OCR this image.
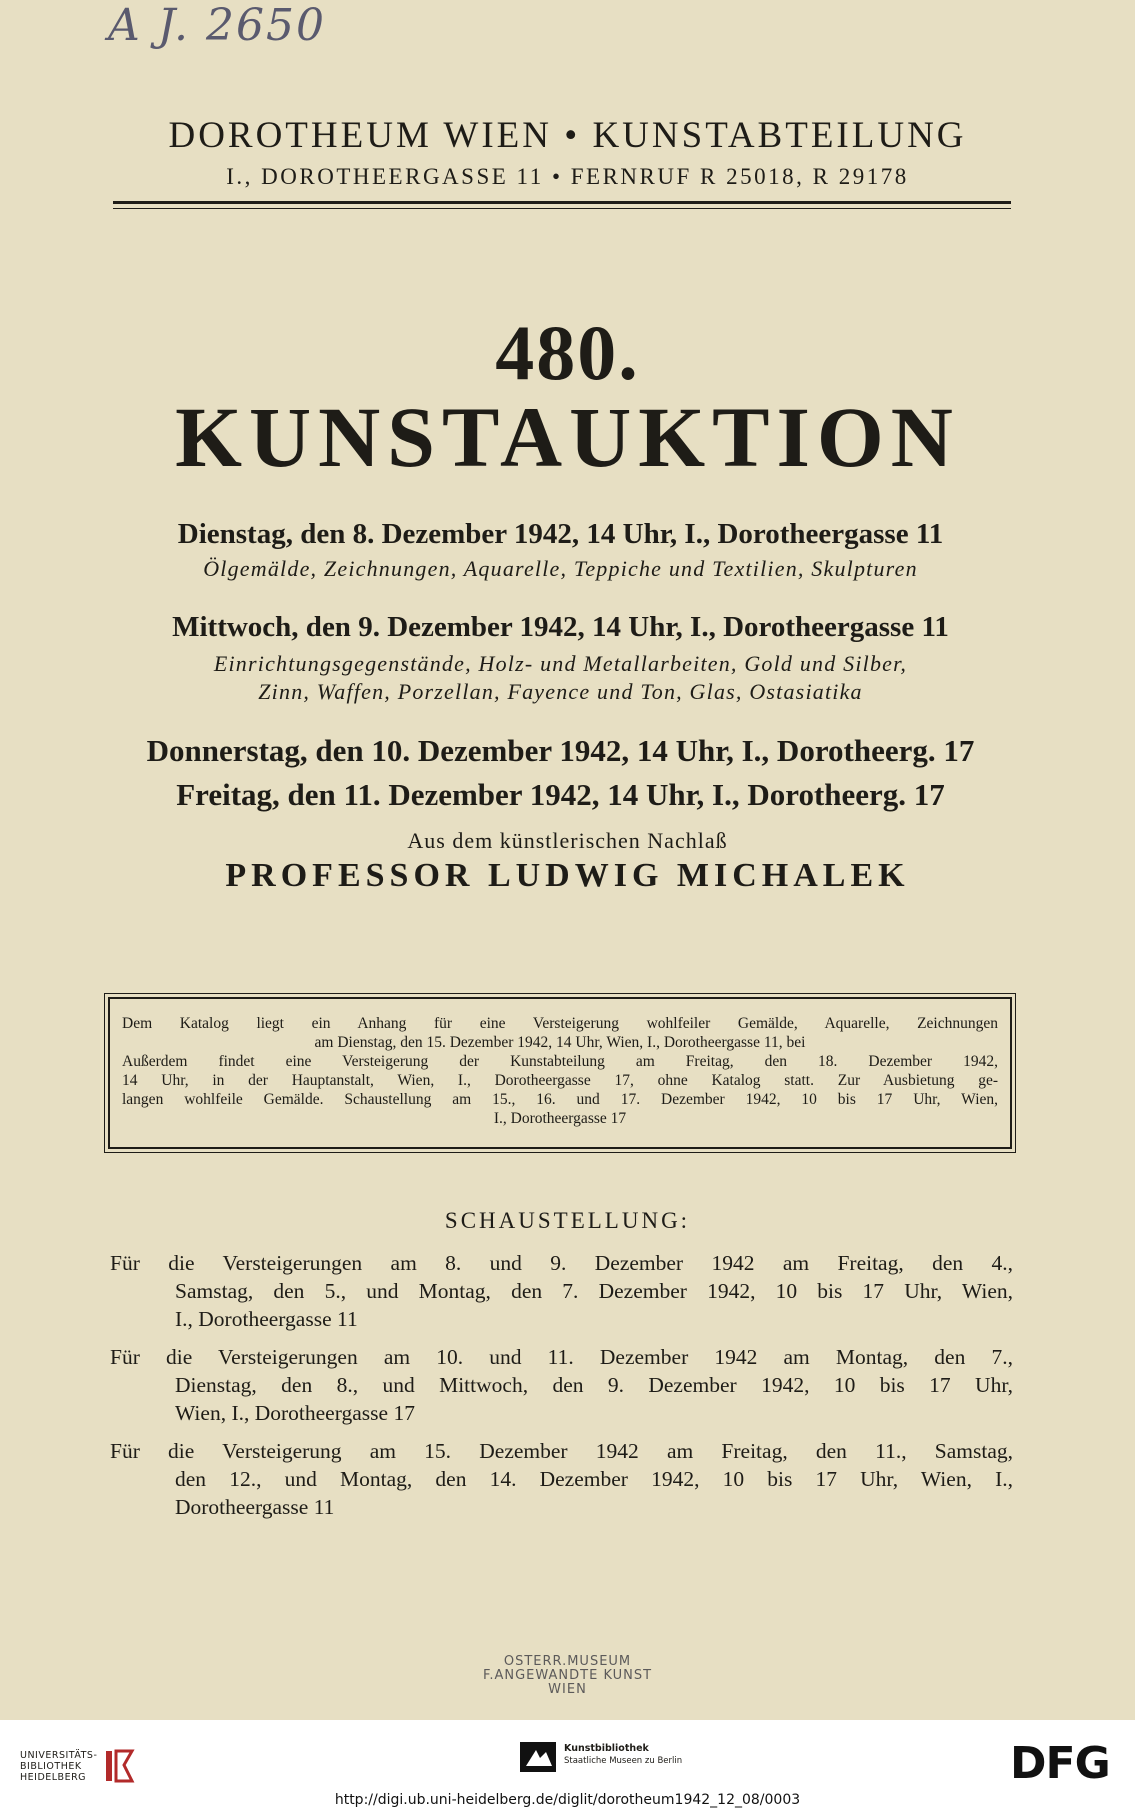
A J. 2650
DOROTHEUM WIEN • KUNSTABTEILUNG
I., DOROTHEERGASSE 11 • FERNRUF R 25018, R 29178
480.
KUNSTAUKTION
Dienstag, den 8. Dezember 1942, 14 Uhr, I., Dorotheergasse 11
Ölgemälde, Zeichnungen, Aquarelle, Teppiche und Textilien, Skulpturen
Mittwoch, den 9. Dezember 1942, 14 Uhr, I., Dorotheergasse 11
Einrichtungsgegenstände, Holz- und Metallarbeiten, Gold und Silber,
Zinn, Waffen, Porzellan, Fayence und Ton, Glas, Ostasiatika
Donnerstag, den 10. Dezember 1942, 14 Uhr, I., Dorotheerg. 17
Freitag, den 11. Dezember 1942, 14 Uhr, I., Dorotheerg. 17
Aus dem künstlerischen Nachlaß
PROFESSOR LUDWIG MICHALEK

Dem Katalog liegt ein Anhang für eine Versteigerung wohlfeiler Gemälde, Aquarelle, Zeichnungen

am Dienstag, den 15. Dezember 1942, 14 Uhr, Wien, I., Dorotheergasse 11, bei

Außerdem findet eine Versteigerung der Kunstabteilung am Freitag, den 18. Dezember 1942,

14 Uhr, in der Hauptanstalt, Wien, I., Dorotheergasse 17, ohne Katalog statt. Zur Ausbietung ge-

langen wohlfeile Gemälde. Schaustellung am 15., 16. und 17. Dezember 1942, 10 bis 17 Uhr, Wien,

I., Dorotheergasse 17

SCHAUSTELLUNG:
Für die Versteigerungen am 8. und 9. Dezember 1942 am Freitag, den 4.,
Samstag, den 5., und Montag, den 7. Dezember 1942, 10 bis 17 Uhr, Wien,
I., Dorotheergasse 11
Für die Versteigerungen am 10. und 11. Dezember 1942 am Montag, den 7.,
Dienstag, den 8., und Mittwoch, den 9. Dezember 1942, 10 bis 17 Uhr,
Wien, I., Dorotheergasse 17
Für die Versteigerung am 15. Dezember 1942 am Freitag, den 11., Samstag,
den 12., und Montag, den 14. Dezember 1942, 10 bis 17 Uhr, Wien, I.,
Dorotheergasse 11
OSTERR.MUSEUM
F.ANGEWANDTE KUNST
WIEN
UNIVERSITÄTS-
BIBLIOTHEK
HEIDELBERG
Kunstbibliothek
Staatliche Museen zu Berlin	DFG
http://digi.ub.uni-heidelberg.de/diglit/dorotheum1942_12_08/0003
